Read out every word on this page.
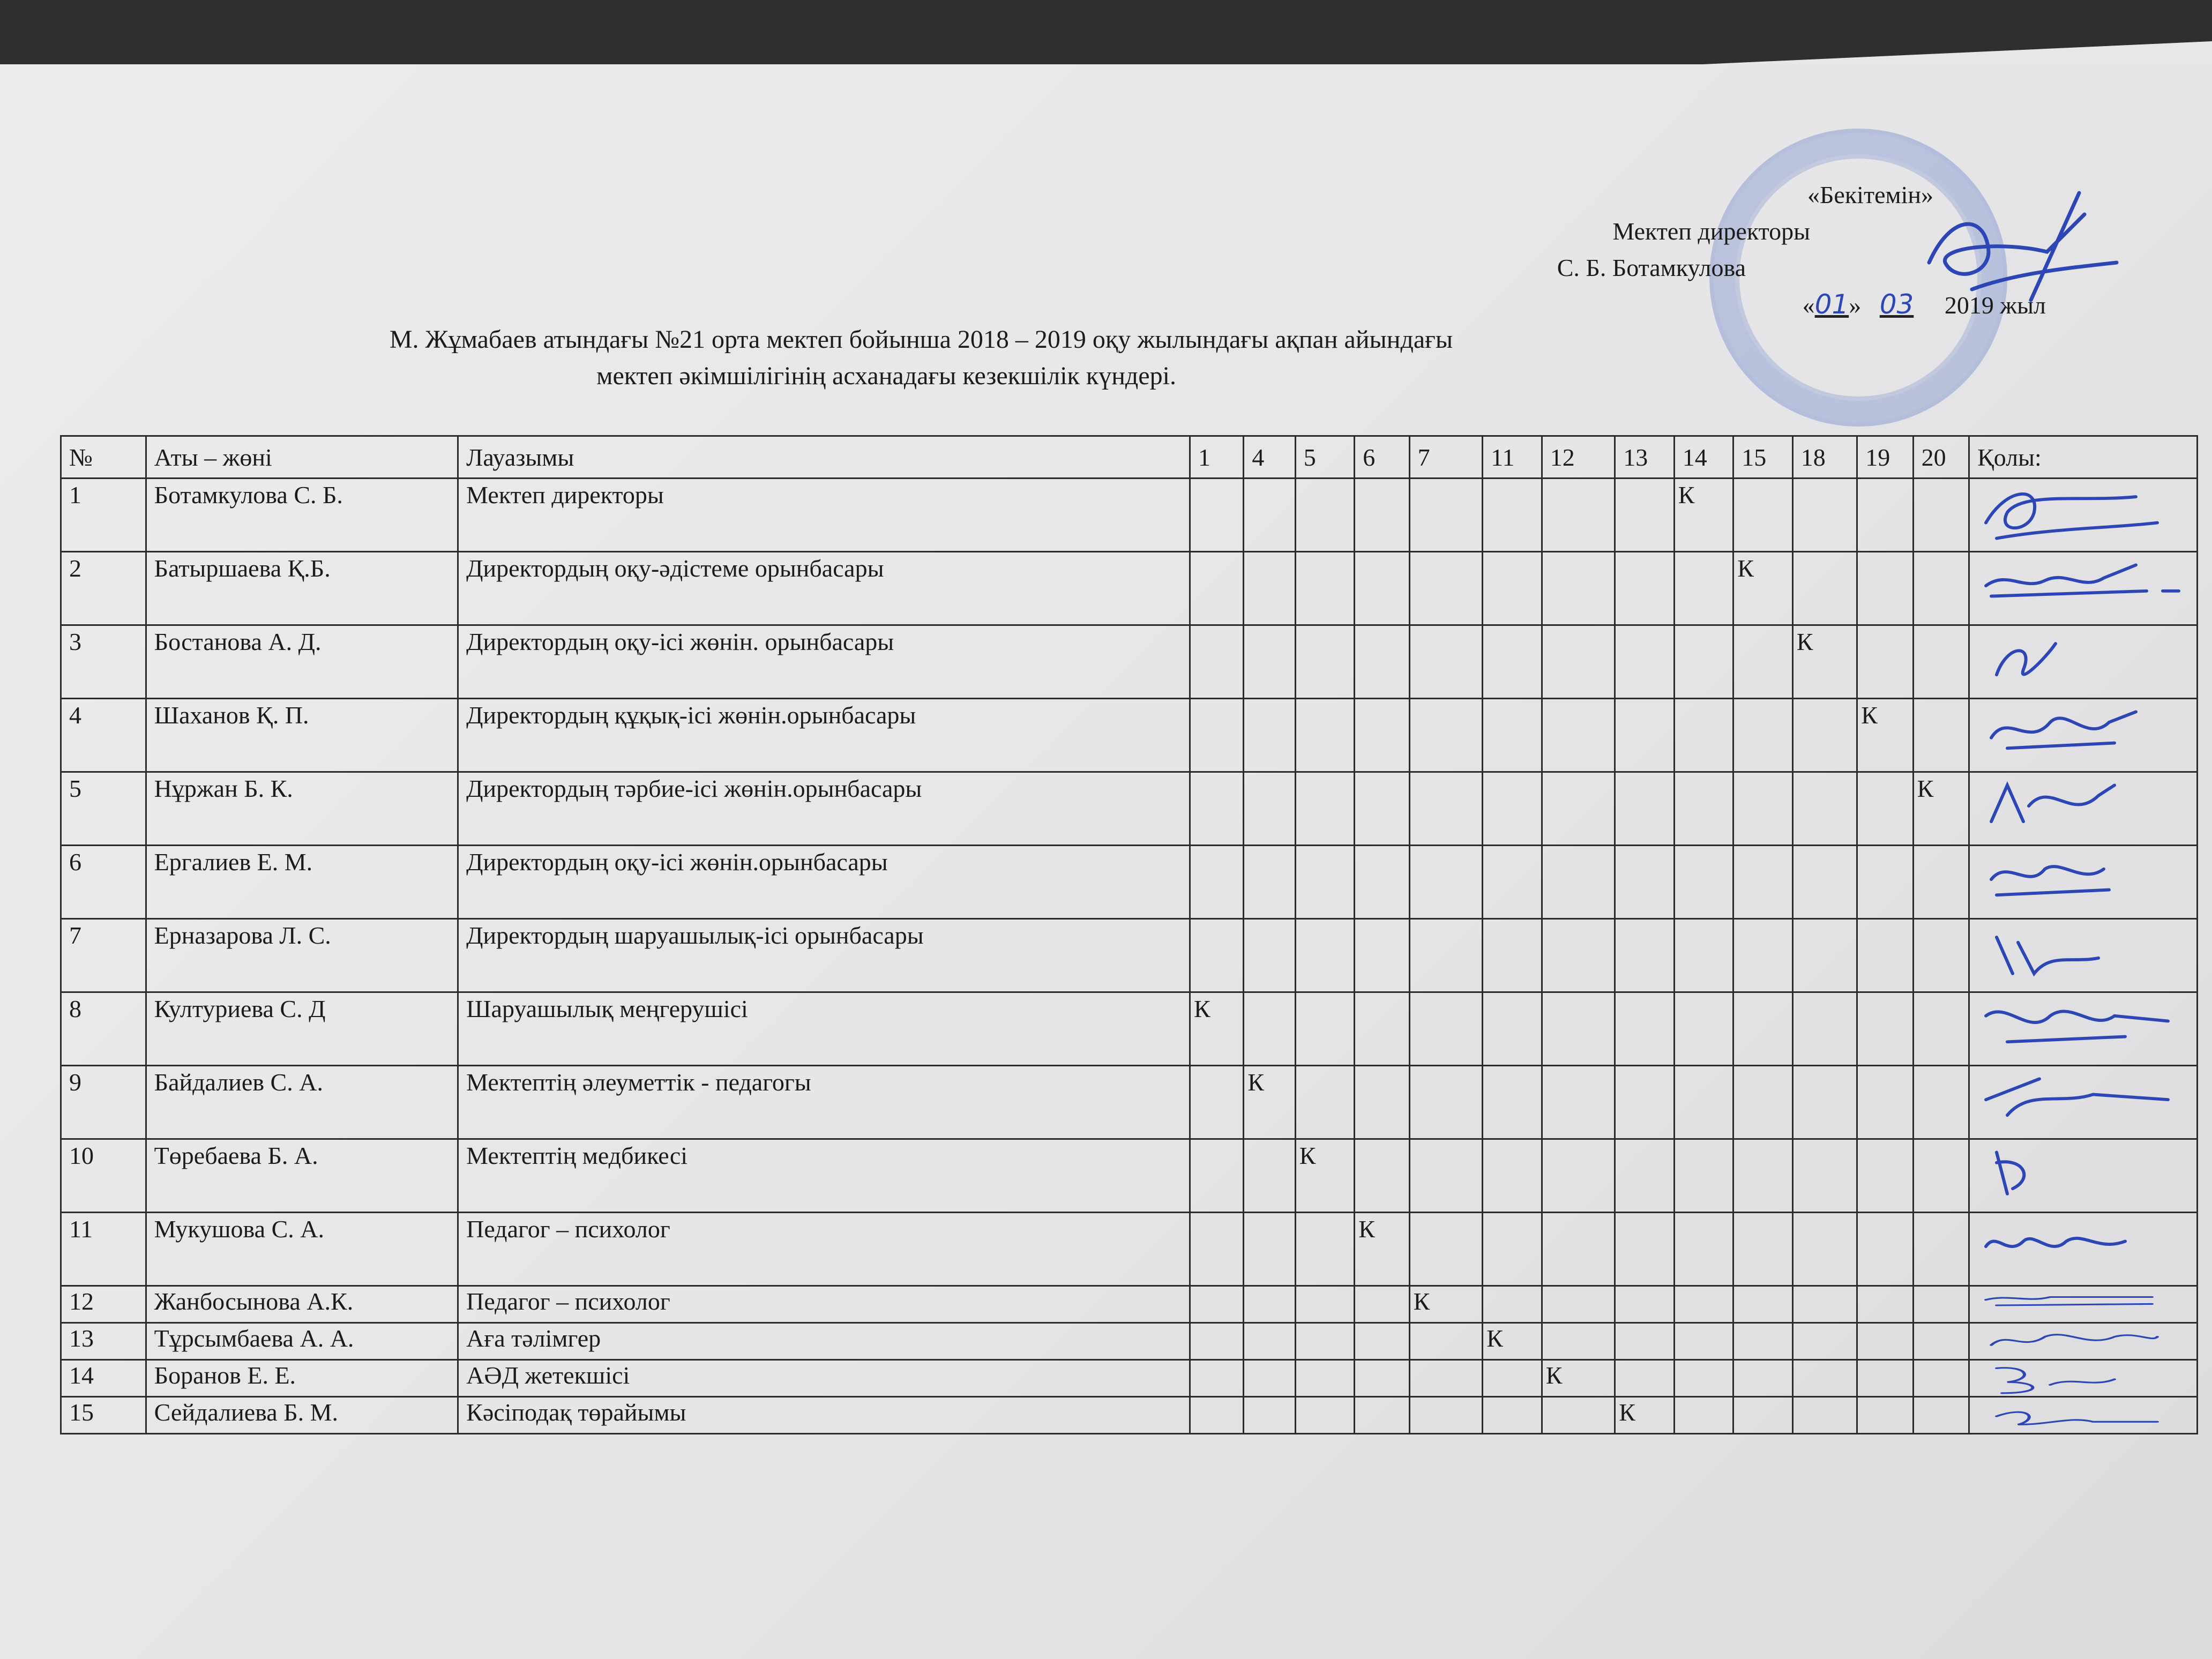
«Бекітемін»
Мектеп директоры
С. Б. Ботамкулова
«01»   03 2019 жыл
М. Жұмабаев атындағы №21 орта мектеп бойынша 2018 – 2019 оқу жылындағы ақпан айындағы
мектеп әкімшілігінің асханадағы кезекшілік күндері.
№	Аты – жөні	Лауазымы	1	4	5	6	7	11	12	13	14	15	18	19	20	Қолы:
1	Ботамкулова С. Б.	Мектеп директоры									К					

2	Батыршаева Қ.Б.	Директордың оқу-әдістеме орынбасары										К				

3	Бостанова А. Д.	Директордың оқу-ісі жөнін. орынбасары											К			

4	Шаханов Қ. П.	Директордың құқық-ісі жөнін.орынбасары												К		

5	Нұржан Б. К.	Директордың тәрбие-ісі жөнін.орынбасары													К	

6	Ергалиев Е. М.	Директордың оқу-ісі жөнін.орынбасары														

7	Ерназарова Л. С.	Директордың шаруашылық-ісі орынбасары														

8	Културиева С. Д	Шаруашылық меңгерушісі	К													

9	Байдалиев С. А.	Мектептің әлеуметтік - педагогы		К												

10	Төребаева Б. А.	Мектептің медбикесі			К											

11	Мукушова С. А.	Педагог – психолог				К										

12	Жанбосынова А.К.	Педагог – психолог					К									

13	Тұрсымбаева А. А.	Аға тәлімгер						К								

14	Боранов Е. Е.	АӘД жетекшісі							К							

15	Сейдалиева Б. М.	Кәсіподақ төрайымы								К						
